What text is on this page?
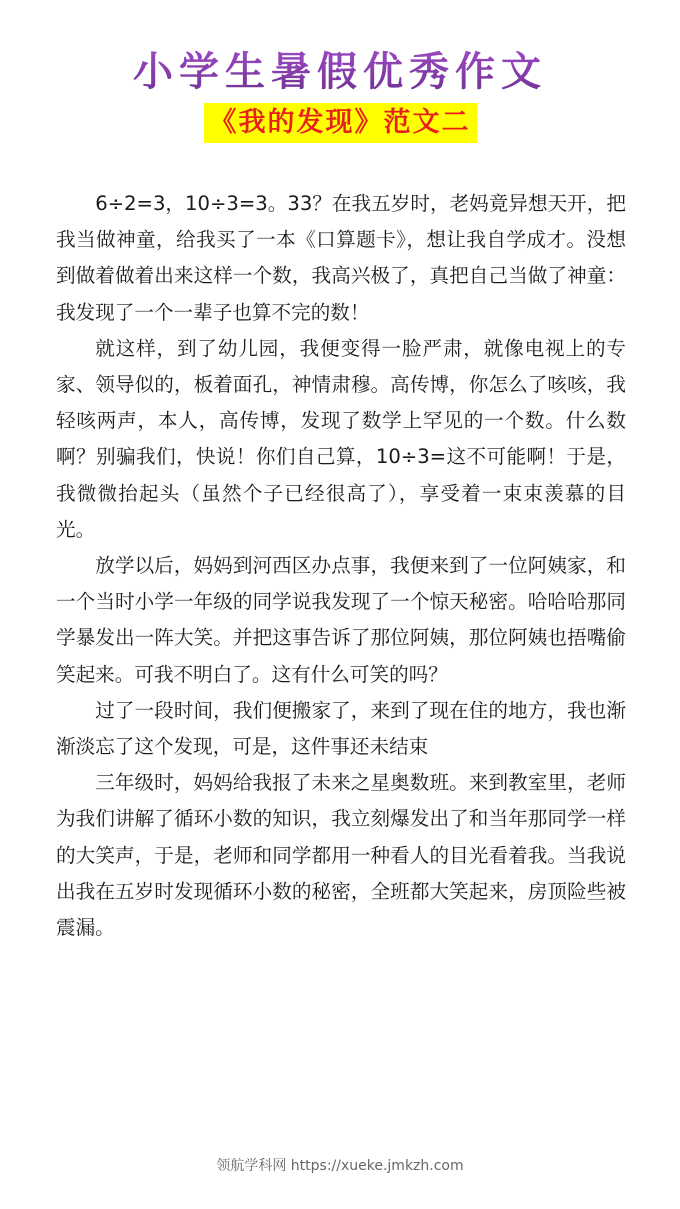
小学生暑假优秀作文
《我的发现》范文二

6÷2=3，10÷3=3。33？在我五岁时，老妈竟异想天开，把我当做神童，给我买了一本《口算题卡》，想让我自学成才。没想到做着做着出来这样一个数，我高兴极了，真把自己当做了神童：我发现了一个一辈子也算不完的数！

就这样，到了幼儿园，我便变得一脸严肃，就像电视上的专家、领导似的，板着面孔，神情肃穆。高传博，你怎么了咳咳，我轻咳两声，本人，高传博，发现了数学上罕见的一个数。什么数啊？别骗我们，快说！你们自己算，10÷3=这不可能啊！于是，我微微抬起头（虽然个子已经很高了），享受着一束束羡慕的目光。

放学以后，妈妈到河西区办点事，我便来到了一位阿姨家，和一个当时小学一年级的同学说我发现了一个惊天秘密。哈哈哈那同学暴发出一阵大笑。并把这事告诉了那位阿姨，那位阿姨也捂嘴偷笑起来。可我不明白了。这有什么可笑的吗？

过了一段时间，我们便搬家了，来到了现在住的地方，我也渐渐淡忘了这个发现，可是，这件事还未结束

三年级时，妈妈给我报了未来之星奥数班。来到教室里，老师为我们讲解了循环小数的知识，我立刻爆发出了和当年那同学一样的大笑声，于是，老师和同学都用一种看人的目光看着我。当我说出我在五岁时发现循环小数的秘密，全班都大笑起来，房顶险些被震漏。

领航学科网 https://xueke.jmkzh.com
